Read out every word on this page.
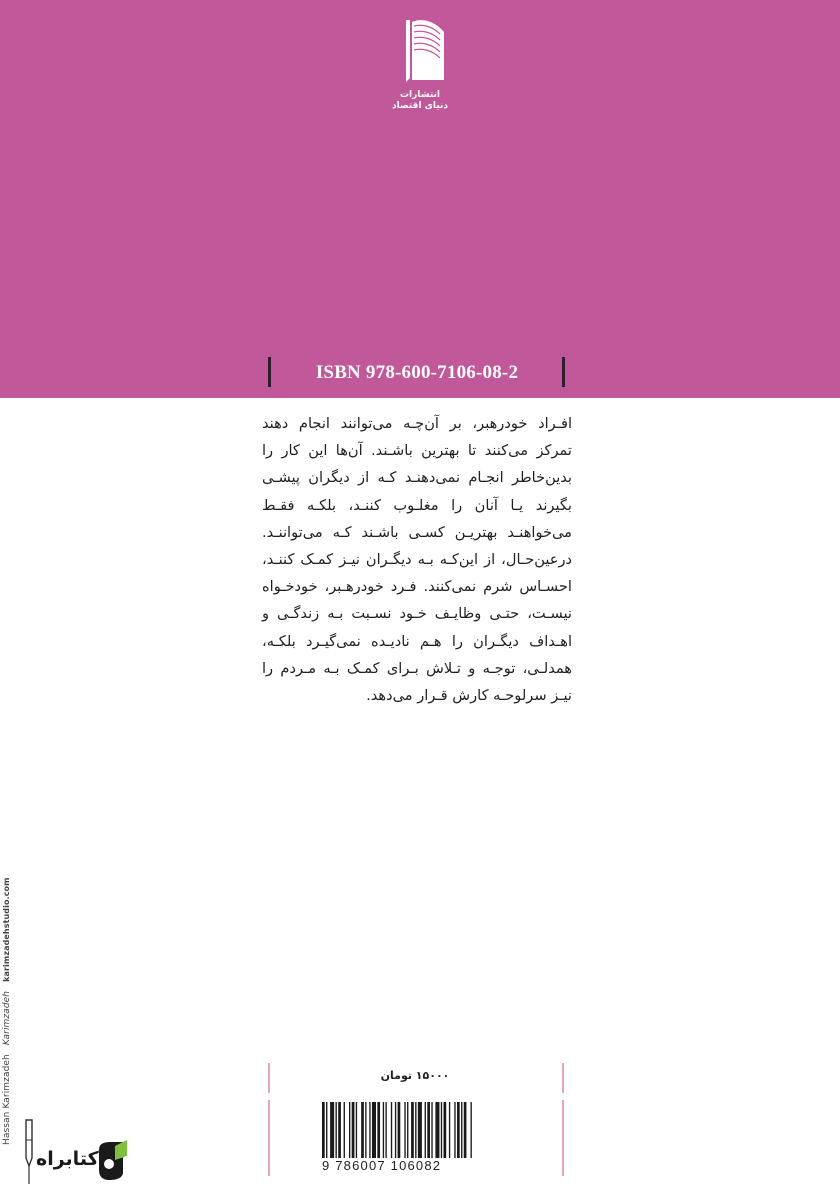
انتشارات
دنیای اقتصاد
ISBN 978-600-7106-08-2

افـراد خودرهبر، بر آن‌چـه می‌توانند انجام دهند تمرکز می‌کنند تا بهترین باشـند. آن‌ها این کار را بدین‌خاطر انجـام نمی‌دهنـد کـه از دیگران پیشـی بگیرند یـا آنان را مغلـوب کننـد، بلکـه فقـط می‌خواهنـد بهتریـن کسـی باشـند کـه می‌تواننـد. درعین‌حـال، از این‌کـه بـه دیگـران نیـز کمـک کننـد، احسـاس شرم نمی‌کنند. فـرد خودرهـبر، خودخـواه نیسـت، حتـی وظایـف خـود نسـبت بـه زندگـی و اهـداف دیگـران را هـم نادیـده نمی‌گیـرد بلکـه، همدلـی، توجـه و تـلاش بـرای کمـک بـه مـردم را نیـز سرلوحـه کارش قـرار می‌دهد.

Hassan Karimzadeh Karimzadeh karimzadehstudio.com
۱۵۰۰۰ تومان
9 786007 106082
کتابراه
